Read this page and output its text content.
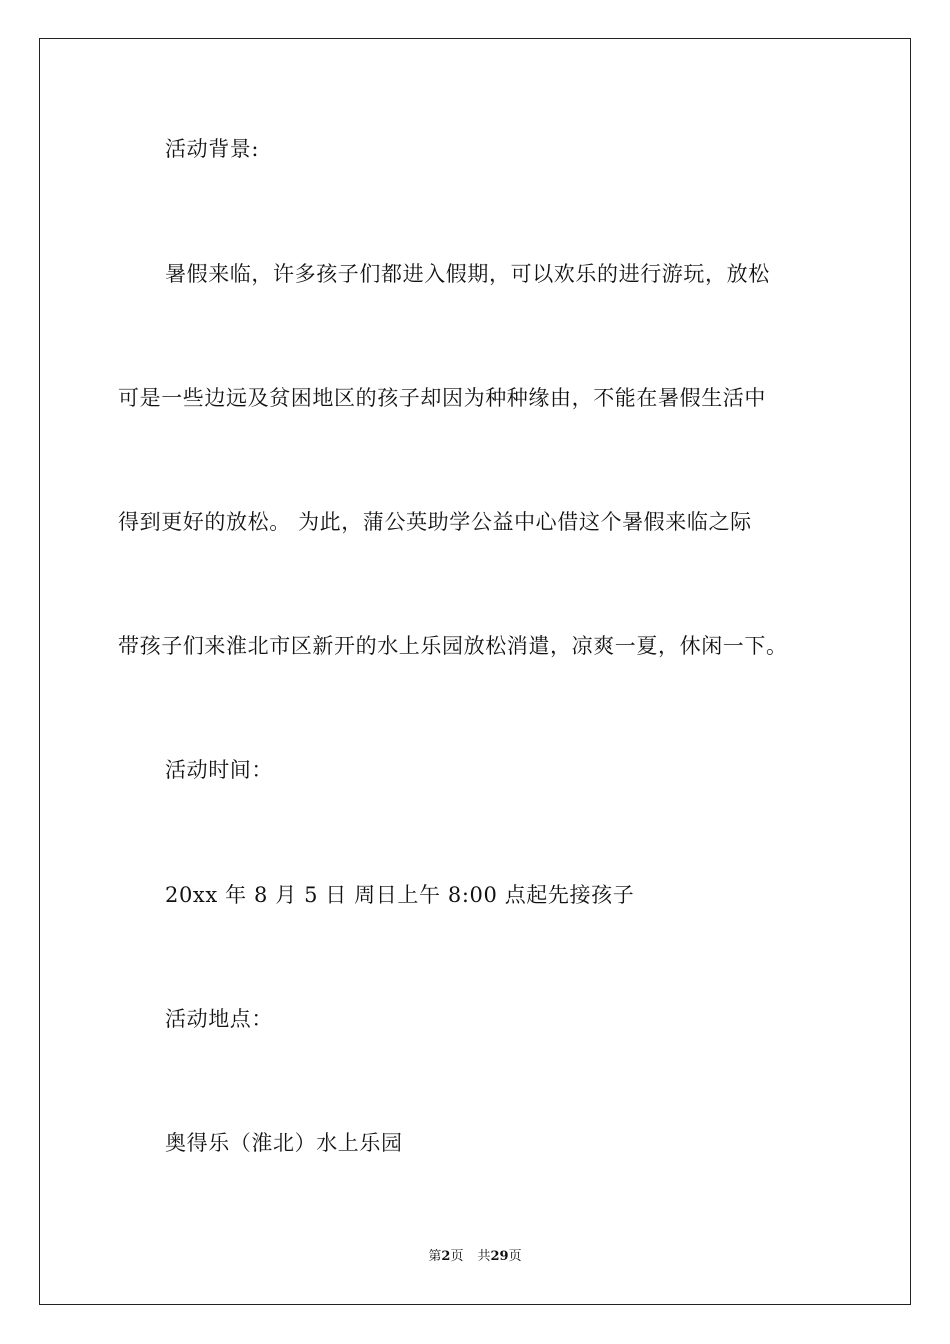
活动背景:
暑假来临，许多孩子们都进入假期，可以欢乐的进行游玩，放松
可是一些边远及贫困地区的孩子却因为种种缘由，不能在暑假生活中
得到更好的放松。 为此，蒲公英助学公益中心借这个暑假来临之际
带孩子们来淮北市区新开的水上乐园放松消遣，凉爽一夏，休闲一下。
活动时间：
20xx 年 8 月 5 日 周日上午 8:00 点起先接孩子
活动地点：
奥得乐（淮北）水上乐园
第2页 共29页
